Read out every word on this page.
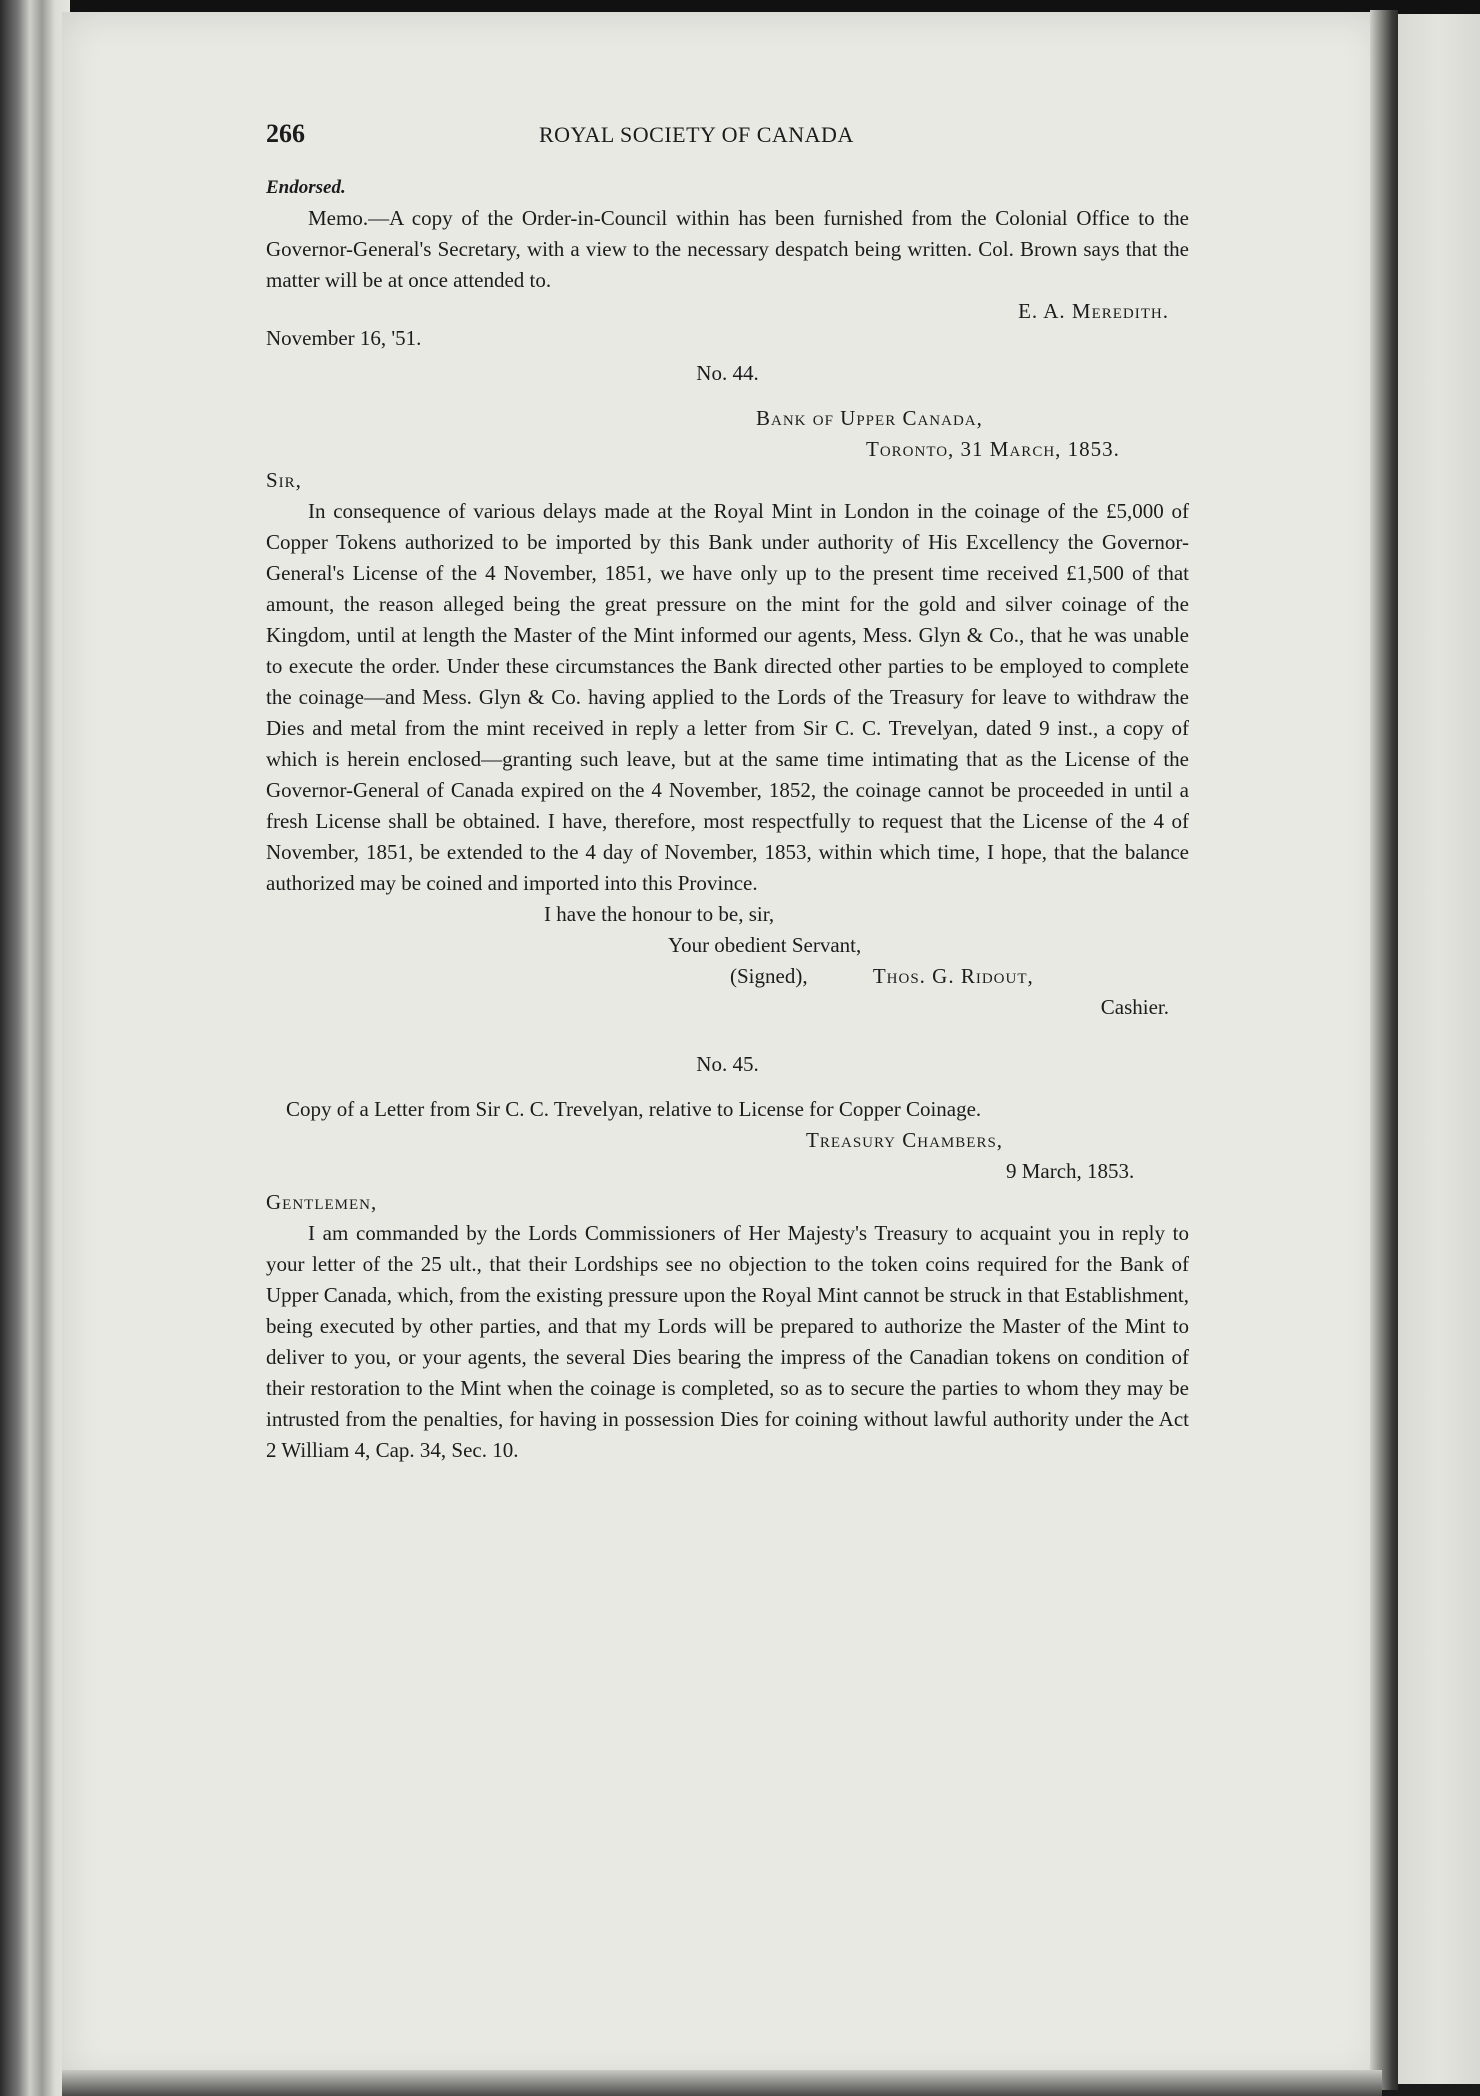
266	ROYAL SOCIETY OF CANADA
Endorsed.

Memo.—A copy of the Order-in-Council within has been furnished from the Colonial Office to the Governor-General's Secretary, with a view to the necessary despatch being written. Col. Brown says that the matter will be at once attended to.

E. A. Meredith.
November 16, '51.
No. 44.
Bank of Upper Canada,
Toronto, 31 March, 1853.
Sir,

In consequence of various delays made at the Royal Mint in London in the coinage of the £5,000 of Copper Tokens authorized to be imported by this Bank under authority of His Excellency the Governor-General's License of the 4 November, 1851, we have only up to the present time received £1,500 of that amount, the reason alleged being the great pressure on the mint for the gold and silver coinage of the Kingdom, until at length the Master of the Mint informed our agents, Mess. Glyn & Co., that he was unable to execute the order. Under these circumstances the Bank directed other parties to be employed to complete the coinage—and Mess. Glyn & Co. having applied to the Lords of the Treasury for leave to withdraw the Dies and metal from the mint received in reply a letter from Sir C. C. Trevelyan, dated 9 inst., a copy of which is herein enclosed—granting such leave, but at the same time intimating that as the License of the Governor-General of Canada expired on the 4 November, 1852, the coinage cannot be proceeded in until a fresh License shall be obtained. I have, therefore, most respectfully to request that the License of the 4 of November, 1851, be extended to the 4 day of November, 1853, within which time, I hope, that the balance authorized may be coined and imported into this Province.

I have the honour to be, sir,
Your obedient Servant,
(Signed),	Thos. G. Ridout,
Cashier.
No. 45.

Copy of a Letter from Sir C. C. Trevelyan, relative to License for Copper Coinage.

Treasury Chambers,
9 March, 1853.
Gentlemen,

I am commanded by the Lords Commissioners of Her Majesty's Treasury to acquaint you in reply to your letter of the 25 ult., that their Lordships see no objection to the token coins required for the Bank of Upper Canada, which, from the existing pressure upon the Royal Mint cannot be struck in that Establishment, being executed by other parties, and that my Lords will be prepared to authorize the Master of the Mint to deliver to you, or your agents, the several Dies bearing the impress of the Canadian tokens on condition of their restoration to the Mint when the coinage is completed, so as to secure the parties to whom they may be intrusted from the penalties, for having in possession Dies for coining without lawful authority under the Act 2 William 4, Cap. 34, Sec. 10.
